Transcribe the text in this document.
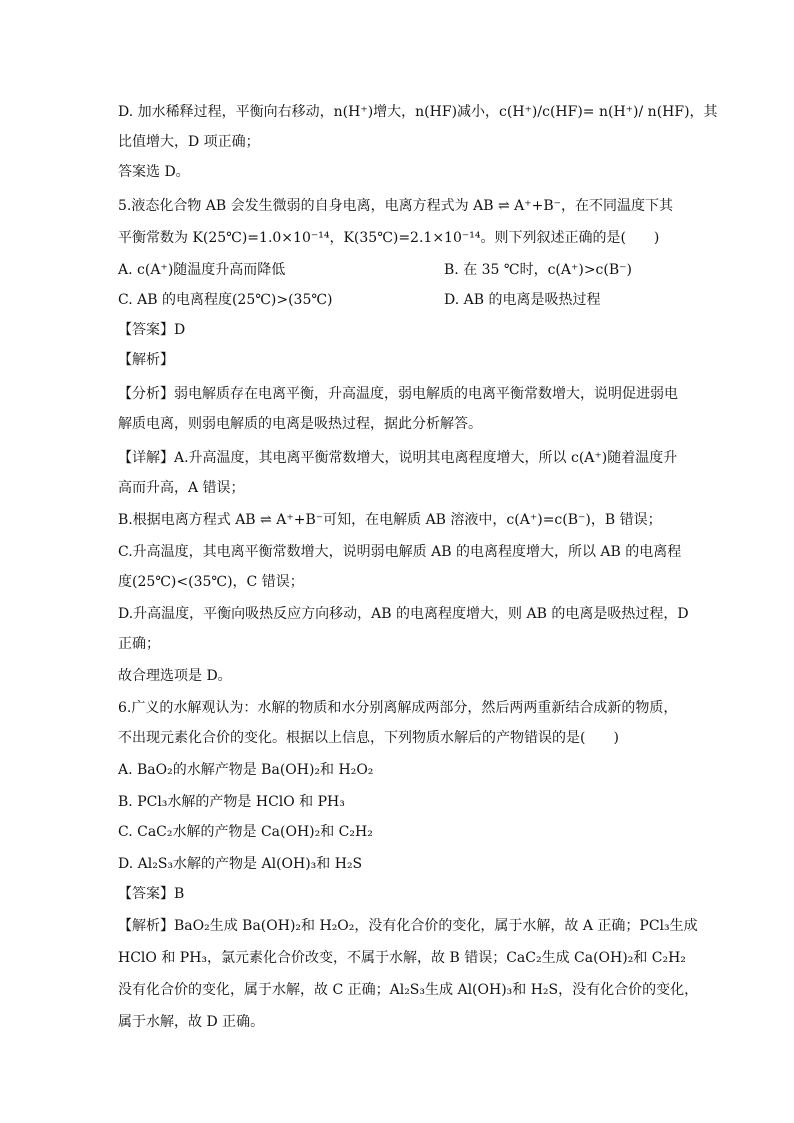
D. 加水稀释过程，平衡向右移动，n(H⁺)增大，n(HF)减小，c(H⁺)/c(HF)= n(H⁺)/ n(HF)，其
比值增大，D 项正确；
答案选 D。
5.液态化合物 AB 会发生微弱的自身电离，电离方程式为 AB ⇌ A⁺+B⁻，在不同温度下其
平衡常数为 K(25℃)=1.0×10⁻¹⁴，K(35℃)=2.1×10⁻¹⁴。则下列叙述正确的是(　　)
A. c(A⁺)随温度升高而降低	B. 在 35 ℃时，c(A⁺)>c(B⁻)
C. AB 的电离程度(25℃)>(35℃)	D. AB 的电离是吸热过程
【答案】D
【解析】
【分析】弱电解质存在电离平衡，升高温度，弱电解质的电离平衡常数增大，说明促进弱电
解质电离，则弱电解质的电离是吸热过程，据此分析解答。
【详解】A.升高温度，其电离平衡常数增大，说明其电离程度增大，所以 c(A⁺)随着温度升
高而升高，A 错误；
B.根据电离方程式 AB ⇌ A⁺+B⁻可知，在电解质 AB 溶液中，c(A⁺)=c(B⁻)，B 错误；
C.升高温度，其电离平衡常数增大，说明弱电解质 AB 的电离程度增大，所以 AB 的电离程
度(25℃)<(35℃)，C 错误；
D.升高温度，平衡向吸热反应方向移动，AB 的电离程度增大，则 AB 的电离是吸热过程，D
正确；
故合理选项是 D。
6.广义的水解观认为：水解的物质和水分别离解成两部分，然后两两重新结合成新的物质，
不出现元素化合价的变化。根据以上信息，下列物质水解后的产物错误的是(　　)
A. BaO₂的水解产物是 Ba(OH)₂和 H₂O₂
B. PCl₃水解的产物是 HClO 和 PH₃
C. CaC₂水解的产物是 Ca(OH)₂和 C₂H₂
D. Al₂S₃水解的产物是 Al(OH)₃和 H₂S
【答案】B
【解析】BaO₂生成 Ba(OH)₂和 H₂O₂，没有化合价的变化，属于水解，故 A 正确；PCl₃生成
HClO 和 PH₃，氯元素化合价改变，不属于水解，故 B 错误；CaC₂生成 Ca(OH)₂和 C₂H₂
没有化合价的变化，属于水解，故 C 正确；Al₂S₃生成 Al(OH)₃和 H₂S，没有化合价的变化，
属于水解，故 D 正确。
